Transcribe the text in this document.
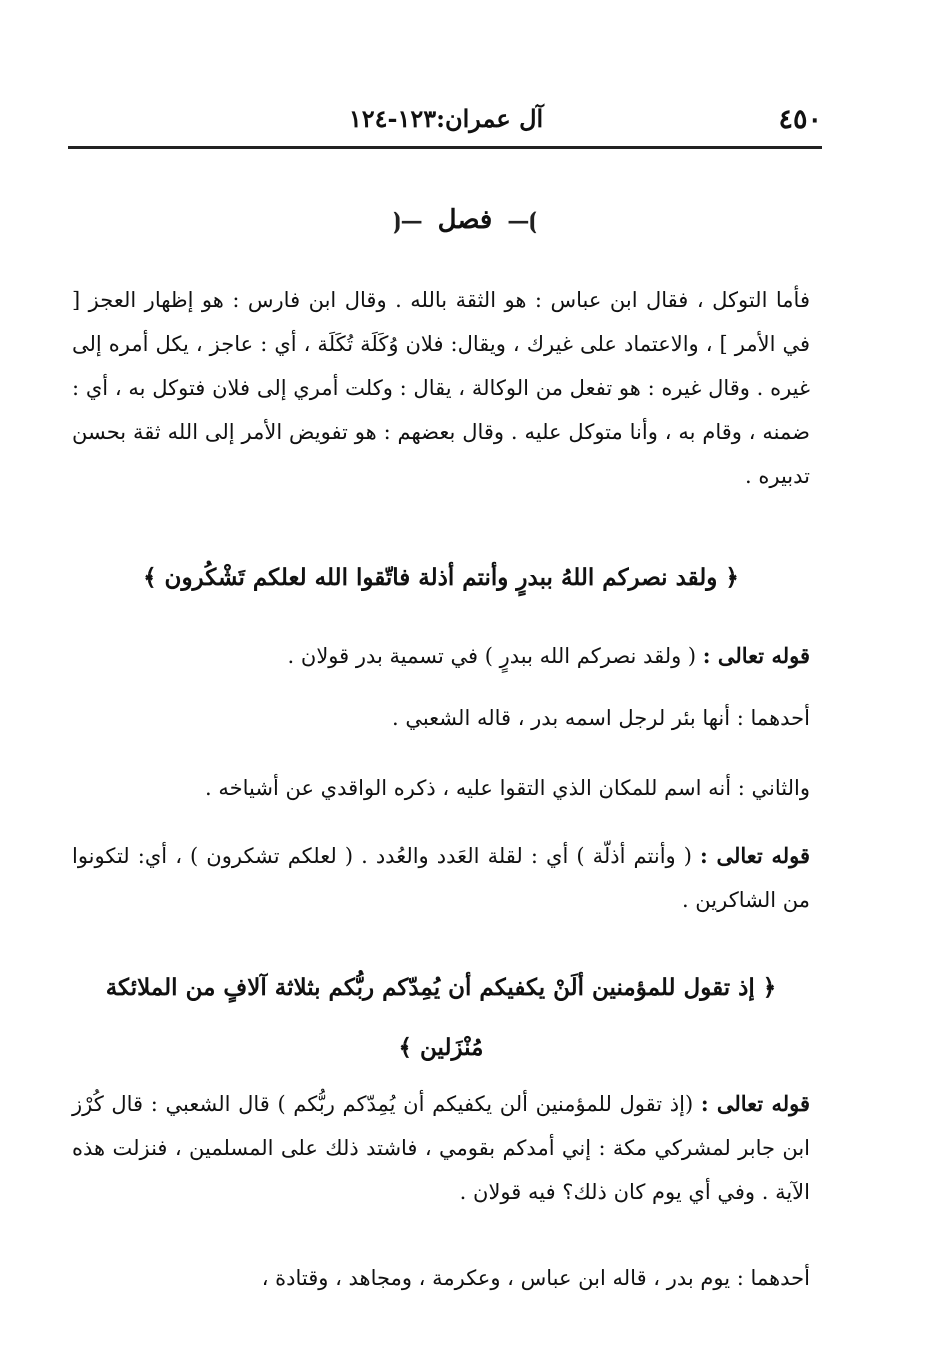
٤٥٠
آل عمران:١٢٣-١٢٤
⦘— فصل —⦗

فأما التوكل ، فقال ابن عباس : هو الثقة بالله . وقال ابن فارس : هو إظهار العجز [ في الأمر ] ، والاعتماد على غيرك ، ويقال: فلان وُكَلَة تُكَلَة ، أي : عاجز ، يكل أمره إلى غيره . وقال غيره : هو تفعل من الوكالة ، يقال : وكلت أمري إلى فلان فتوكل به ، أي : ضمنه ، وقام به ، وأنا متوكل عليه . وقال بعضهم : هو تفويض الأمر إلى الله ثقة بحسن تدبيره .

﴿ ولقد نصركم اللهُ ببدرٍ وأنتم أذلة فاتّقوا الله لعلكم تَشْكُرون ﴾

قوله تعالى : ( ولقد نصركم الله ببدرٍ ) في تسمية بدر قولان .

أحدهما : أنها بئر لرجل اسمه بدر ، قاله الشعبي .

والثاني : أنه اسم للمكان الذي التقوا عليه ، ذكره الواقدي عن أشياخه .

قوله تعالى : ( وأنتم أذلّة ) أي : لقلة العَدد والعُدد . ( لعلكم تشكرون ) ، أي: لتكونوا من الشاكرين .

﴿ إذ تقول للمؤمنين ألَنْ يكفيكم أن يُمِدّكم ربُّكم بثلاثة آلافٍ من الملائكة مُنْزَلين ﴾

قوله تعالى : (إذ تقول للمؤمنين ألن يكفيكم أن يُمِدّكم ربُّكم ) قال الشعبي : قال كُرْز ابن جابر لمشركي مكة : إني أمدكم بقومي ، فاشتد ذلك على المسلمين ، فنزلت هذه الآية . وفي أي يوم كان ذلك؟ فيه قولان .

أحدهما : يوم بدر ، قاله ابن عباس ، وعكرمة ، ومجاهد ، وقتادة ،
